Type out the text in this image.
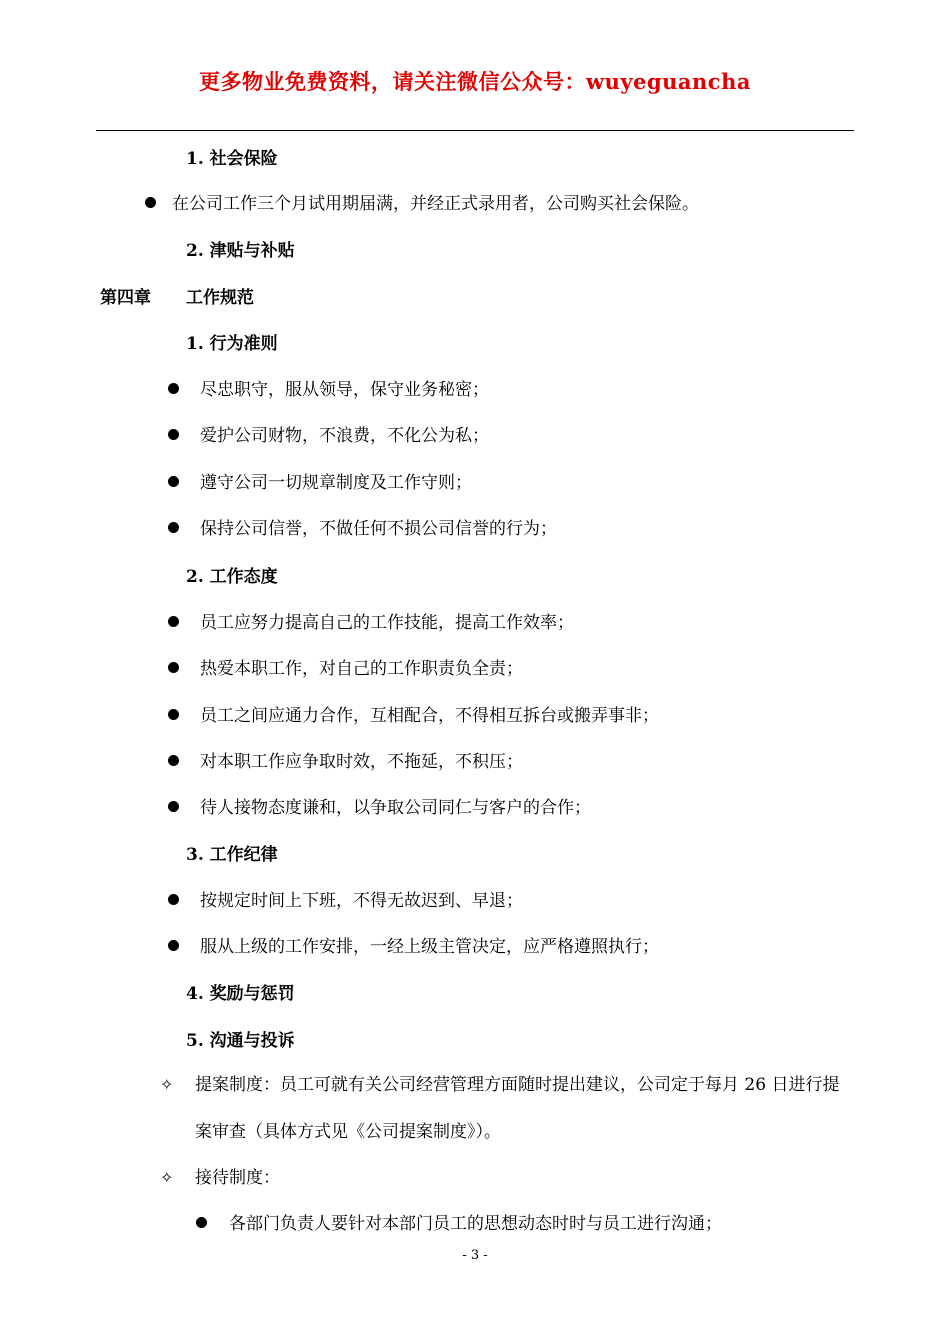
更多物业免费资料，请关注微信公众号：wuyeguancha
1. 社会保险
在公司工作三个月试用期届满，并经正式录用者，公司购买社会保险。
2. 津贴与补贴
第四章 工作规范
1. 行为准则
尽忠职守，服从领导，保守业务秘密；
爱护公司财物，不浪费，不化公为私；
遵守公司一切规章制度及工作守则；
保持公司信誉，不做任何不损公司信誉的行为；
2. 工作态度
员工应努力提高自己的工作技能，提高工作效率；
热爱本职工作，对自己的工作职责负全责；
员工之间应通力合作，互相配合，不得相互拆台或搬弄事非；
对本职工作应争取时效，不拖延，不积压；
待人接物态度谦和，以争取公司同仁与客户的合作；
3. 工作纪律
按规定时间上下班，不得无故迟到、早退；
服从上级的工作安排，一经上级主管决定，应严格遵照执行；
4. 奖励与惩罚
5. 沟通与投诉
✧ 提案制度：员工可就有关公司经营管理方面随时提出建议，公司定于每月 26 日进行提
案审查（具体方式见《公司提案制度》）。
✧ 接待制度：
各部门负责人要针对本部门员工的思想动态时时与员工进行沟通；
- 3 -
